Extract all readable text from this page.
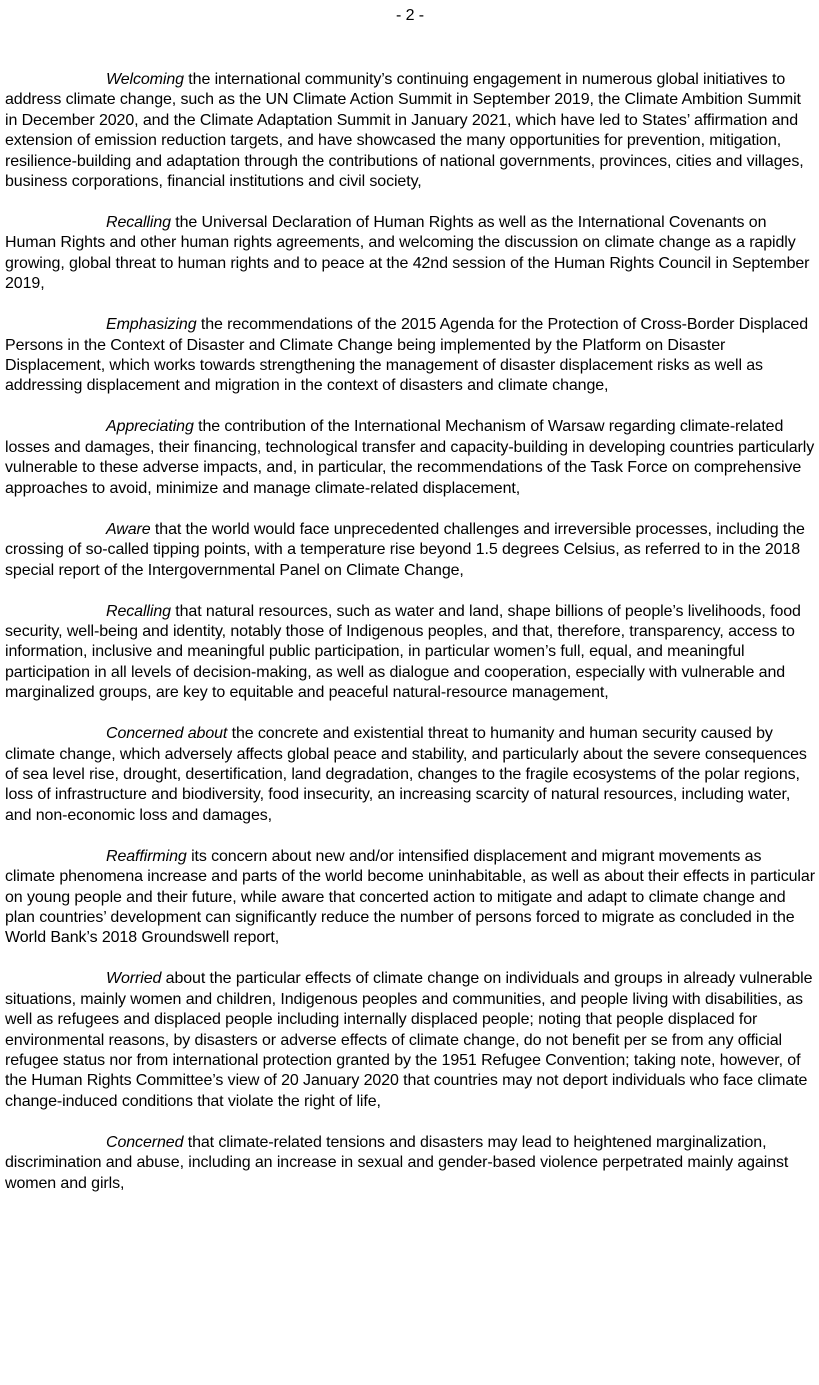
- 2 -

Welcoming the international community’s continuing engagement in numerous global initiatives to address climate change, such as the UN Climate Action Summit in September 2019, the Climate Ambition Summit in December 2020, and the Climate Adaptation Summit in January 2021, which have led to States’ affirmation and extension of emission reduction targets, and have showcased the many opportunities for prevention, mitigation, resilience-building and adaptation through the contributions of national governments, provinces, cities and villages, business corporations, financial institutions and civil society,

Recalling the Universal Declaration of Human Rights as well as the International Covenants on Human Rights and other human rights agreements, and welcoming the discussion on climate change as a rapidly growing, global threat to human rights and to peace at the 42nd session of the Human Rights Council in September 2019,

Emphasizing the recommendations of the 2015 Agenda for the Protection of Cross-Border Displaced Persons in the Context of Disaster and Climate Change being implemented by the Platform on Disaster Displacement, which works towards strengthening the management of disaster displacement risks as well as addressing displacement and migration in the context of disasters and climate change,

Appreciating the contribution of the International Mechanism of Warsaw regarding climate-related losses and damages, their financing, technological transfer and capacity-building in developing countries particularly vulnerable to these adverse impacts, and, in particular, the recommendations of the Task Force on comprehensive approaches to avoid, minimize and manage climate-related displacement,

Aware that the world would face unprecedented challenges and irreversible processes, including the crossing of so-called tipping points, with a temperature rise beyond 1.5 degrees Celsius, as referred to in the 2018 special report of the Intergovernmental Panel on Climate Change,

Recalling that natural resources, such as water and land, shape billions of people’s livelihoods, food security, well-being and identity, notably those of Indigenous peoples, and that, therefore, transparency, access to information, inclusive and meaningful public participation, in particular women’s full, equal, and meaningful participation in all levels of decision-making, as well as dialogue and cooperation, especially with vulnerable and marginalized groups, are key to equitable and peaceful natural-resource management,

Concerned about the concrete and existential threat to humanity and human security caused by climate change, which adversely affects global peace and stability, and particularly about the severe consequences of sea level rise, drought, desertification, land degradation, changes to the fragile ecosystems of the polar regions, loss of infrastructure and biodiversity, food insecurity, an increasing scarcity of natural resources, including water, and non-economic loss and damages,

Reaffirming its concern about new and/or intensified displacement and migrant movements as climate phenomena increase and parts of the world become uninhabitable, as well as about their effects in particular on young people and their future, while aware that concerted action to mitigate and adapt to climate change and plan countries’ development can significantly reduce the number of persons forced to migrate as concluded in the World Bank’s 2018 Groundswell report,

Worried about the particular effects of climate change on individuals and groups in already vulnerable situations, mainly women and children, Indigenous peoples and communities, and people living with disabilities, as well as refugees and displaced people including internally displaced people; noting that people displaced for environmental reasons, by disasters or adverse effects of climate change, do not benefit per se from any official refugee status nor from international protection granted by the 1951 Refugee Convention; taking note, however, of the Human Rights Committee’s view of 20 January 2020 that countries may not deport individuals who face climate change-induced conditions that violate the right of life,

Concerned that climate-related tensions and disasters may lead to heightened marginalization, discrimination and abuse, including an increase in sexual and gender-based violence perpetrated mainly against women and girls,
